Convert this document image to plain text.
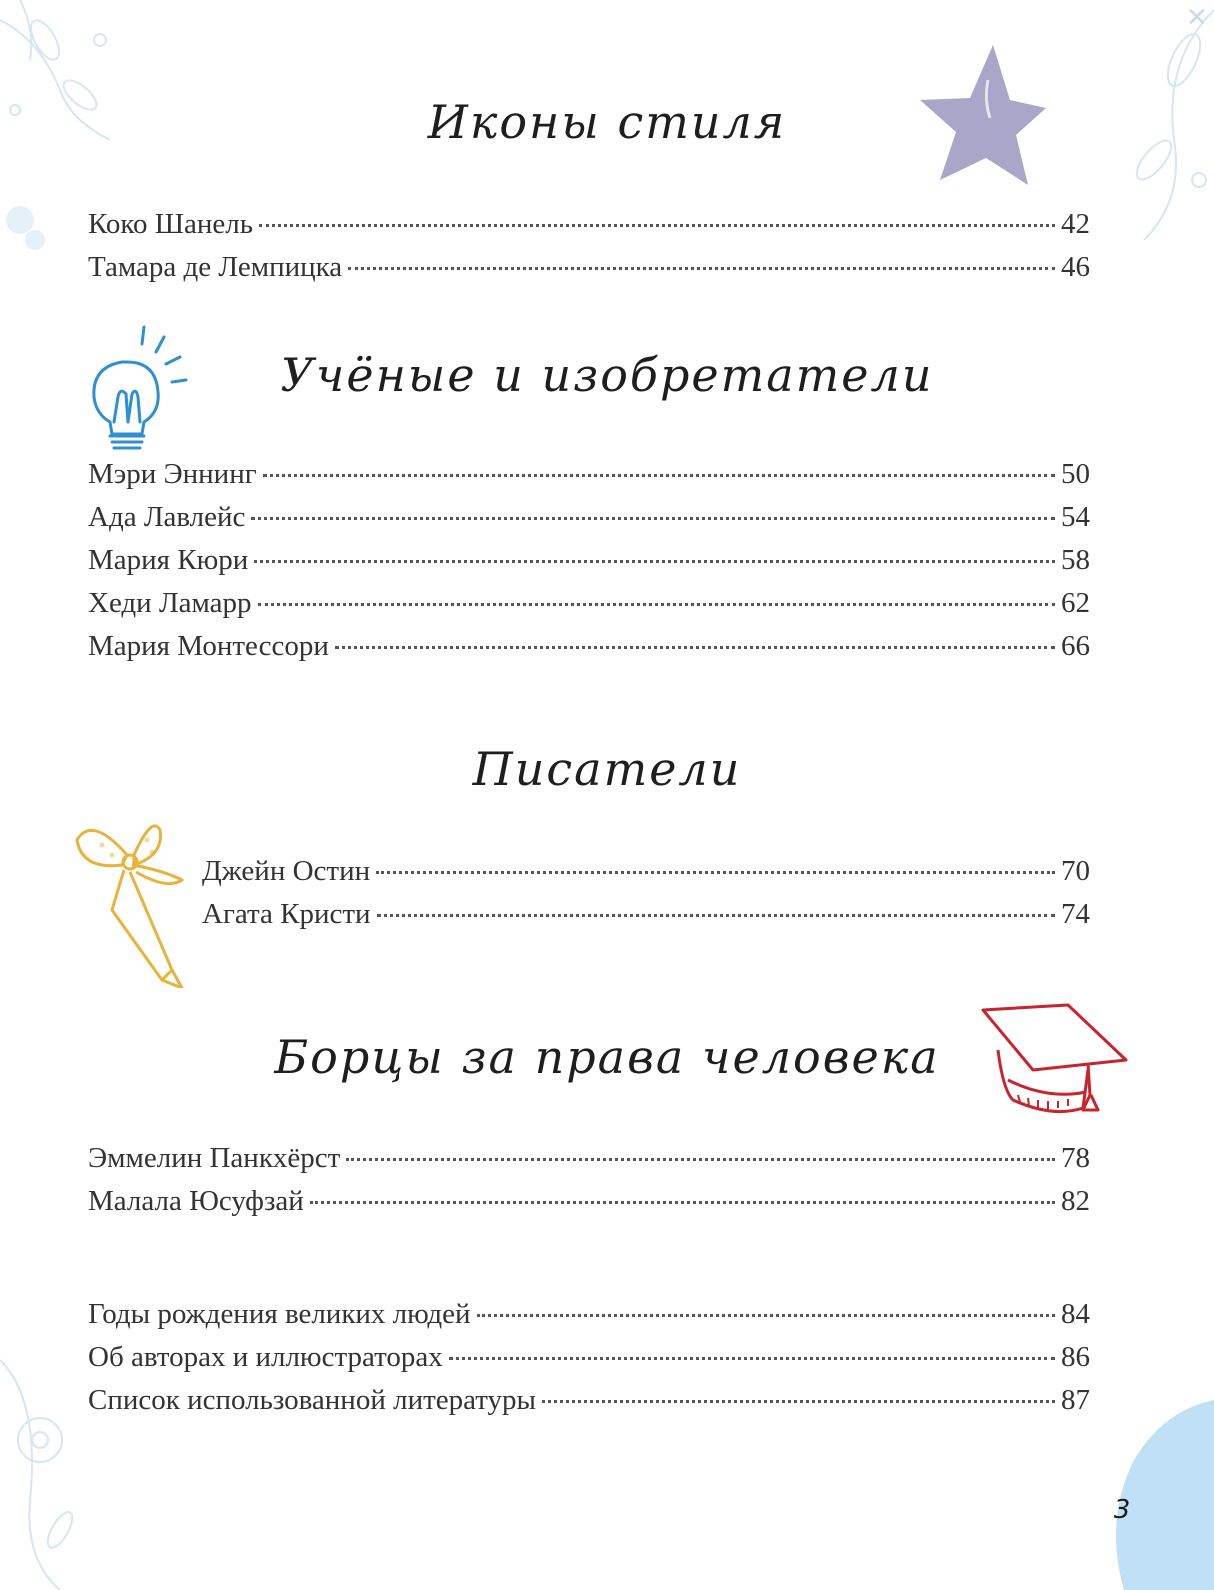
✕
Иконы стиля
Коко Шанель	42
Тамара де Лемпицка	46
Учёные и изобретатели
Мэри Эннинг	50
Ада Лавлейс	54
Мария Кюри	58
Хеди Ламарр	62
Мария Монтессори	66
Писатели
Джейн Остин	70
Агата Кристи	74
Борцы за права человека
Эммелин Панкхёрст	78
Малала Юсуфзай	82
Годы рождения великих людей	84
Об авторах и иллюстраторах	86
Список использованной литературы	87
3
